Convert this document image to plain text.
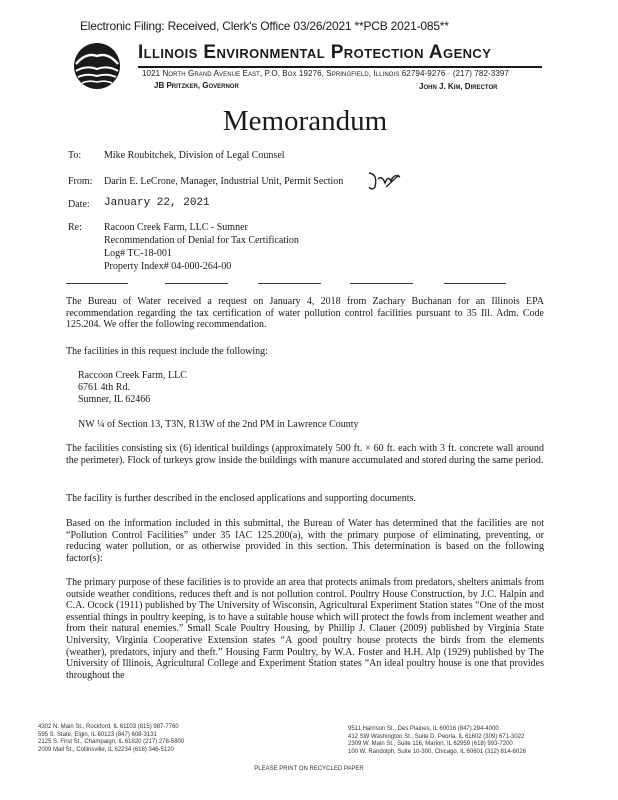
Electronic Filing: Received, Clerk's Office 03/26/2021 **PCB 2021-085**
Illinois Environmental Protection Agency
1021 North Grand Avenue East, P.O. Box 19276, Springfield, Illinois 62794-9276 · (217) 782-3397
JB Pritzker, Governor	John J. Kim, Director
Memorandum
To: Mike Roubitchek, Division of Legal Counsel
From: Darin E. LeCrone, Manager, Industrial Unit, Permit Section
Date: January 22, 2021
Re: Racoon Creek Farm, LLC - Sumner
Recommendation of Denial for Tax Certification
Log# TC-18-001
Property Index# 04-000-264-00

The Bureau of Water received a request on January 4, 2018 from Zachary Buchanan for an Illinois EPA recommendation regarding the tax certification of water pollution control facilities pursuant to 35 Ill. Adm. Code 125.204. We offer the following recommendation.

The facilities in this request include the following:

Raccoon Creek Farm, LLC
6761 4th Rd.
Sumner, IL 62466
NW ¼ of Section 13, T3N, R13W of the 2nd PM in Lawrence County

The facilities consisting six (6) identical buildings (approximately 500 ft. × 60 ft. each with 3 ft. concrete wall around the perimeter). Flock of turkeys grow inside the buildings with manure accumulated and stored during the same period.

The facility is further described in the enclosed applications and supporting documents.

Based on the information included in this submittal, the Bureau of Water has determined that the facilities are not “Pollution Control Facilities” under 35 IAC 125.200(a), with the primary purpose of eliminating, preventing, or reducing water pollution, or as otherwise provided in this section. This determination is based on the following factor(s):

The primary purpose of these facilities is to provide an area that protects animals from predators, shelters animals from outside weather conditions, reduces theft and is not pollution control. Poultry House Construction, by J.C. Halpin and C.A. Ocock (1911) published by The University of Wisconsin, Agricultural Experiment Station states “One of the most essential things in poultry keeping, is to have a suitable house which will protect the fowls from inclement weather and from their natural enemies.” Small Scale Poultry Housing, by Phillip J. Clauer (2009) published by Virginia State University, Virginia Cooperative Extension states “A good poultry house protects the birds from the elements (weather), predators, injury and theft.” Housing Farm Poultry, by W.A. Foster and H.H. Alp (1929) published by The University of Illinois, Agricultural College and Experiment Station states “An ideal poultry house is one that provides throughout the

4302 N. Main St., Rockford, IL 61103 (815) 987-7760
595 S. State, Elgin, IL 60123 (847) 608-3131
2125 S. First St., Champaign, IL 61820 (217) 278-5800
2009 Mall St., Collinsville, IL 62234 (618) 346-5120
9511 Harrison St., Des Plaines, IL 60016 (847) 294-4000
412 SW Washington St., Suite D, Peoria, IL 61602 (309) 671-3022
2309 W. Main St., Suite 116, Marion, IL 62959 (618) 993-7200
100 W. Randolph, Suite 10-300, Chicago, IL 60601 (312) 814-6026
PLEASE PRINT ON RECYCLED PAPER
